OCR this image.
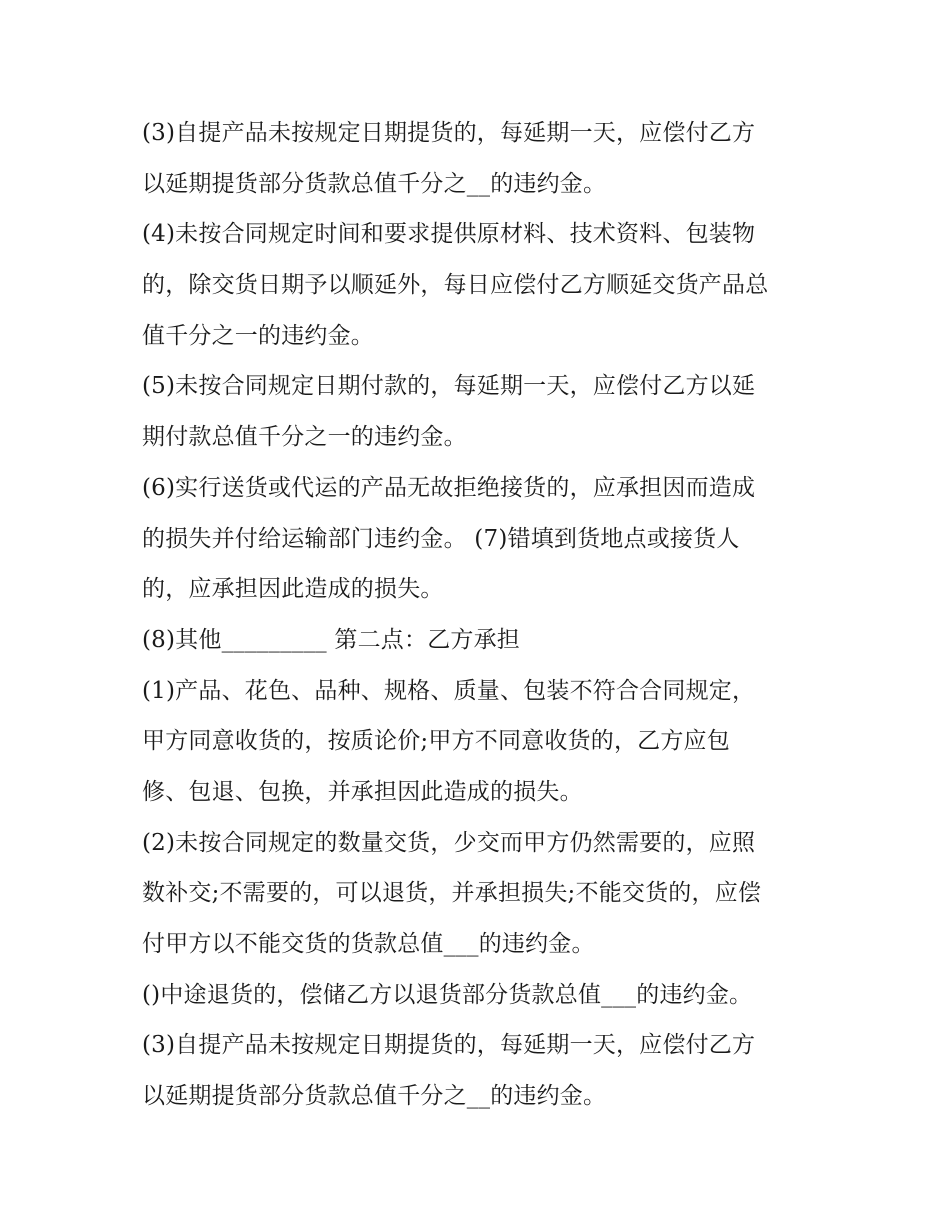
(3)自提产品未按规定日期提货的，每延期一天，应偿付乙方
以延期提货部分货款总值千分之__的违约金。
(4)未按合同规定时间和要求提供原材料、技术资料、包装物
的，除交货日期予以顺延外，每日应偿付乙方顺延交货产品总
值千分之一的违约金。
(5)未按合同规定日期付款的，每延期一天，应偿付乙方以延
期付款总值千分之一的违约金。
(6)实行送货或代运的产品无故拒绝接货的，应承担因而造成
的损失并付给运输部门违约金。 (7)错填到货地点或接货人
的，应承担因此造成的损失。
(8)其他_________ 第二点：乙方承担
(1)产品、花色、品种、规格、质量、包装不符合合同规定，
甲方同意收货的，按质论价;甲方不同意收货的，乙方应包
修、包退、包换，并承担因此造成的损失。
(2)未按合同规定的数量交货，少交而甲方仍然需要的，应照
数补交;不需要的，可以退货，并承担损失;不能交货的，应偿
付甲方以不能交货的货款总值___的违约金。
()中途退货的，偿储乙方以退货部分货款总值___的违约金。
(3)自提产品未按规定日期提货的，每延期一天，应偿付乙方
以延期提货部分货款总值千分之__的违约金。
